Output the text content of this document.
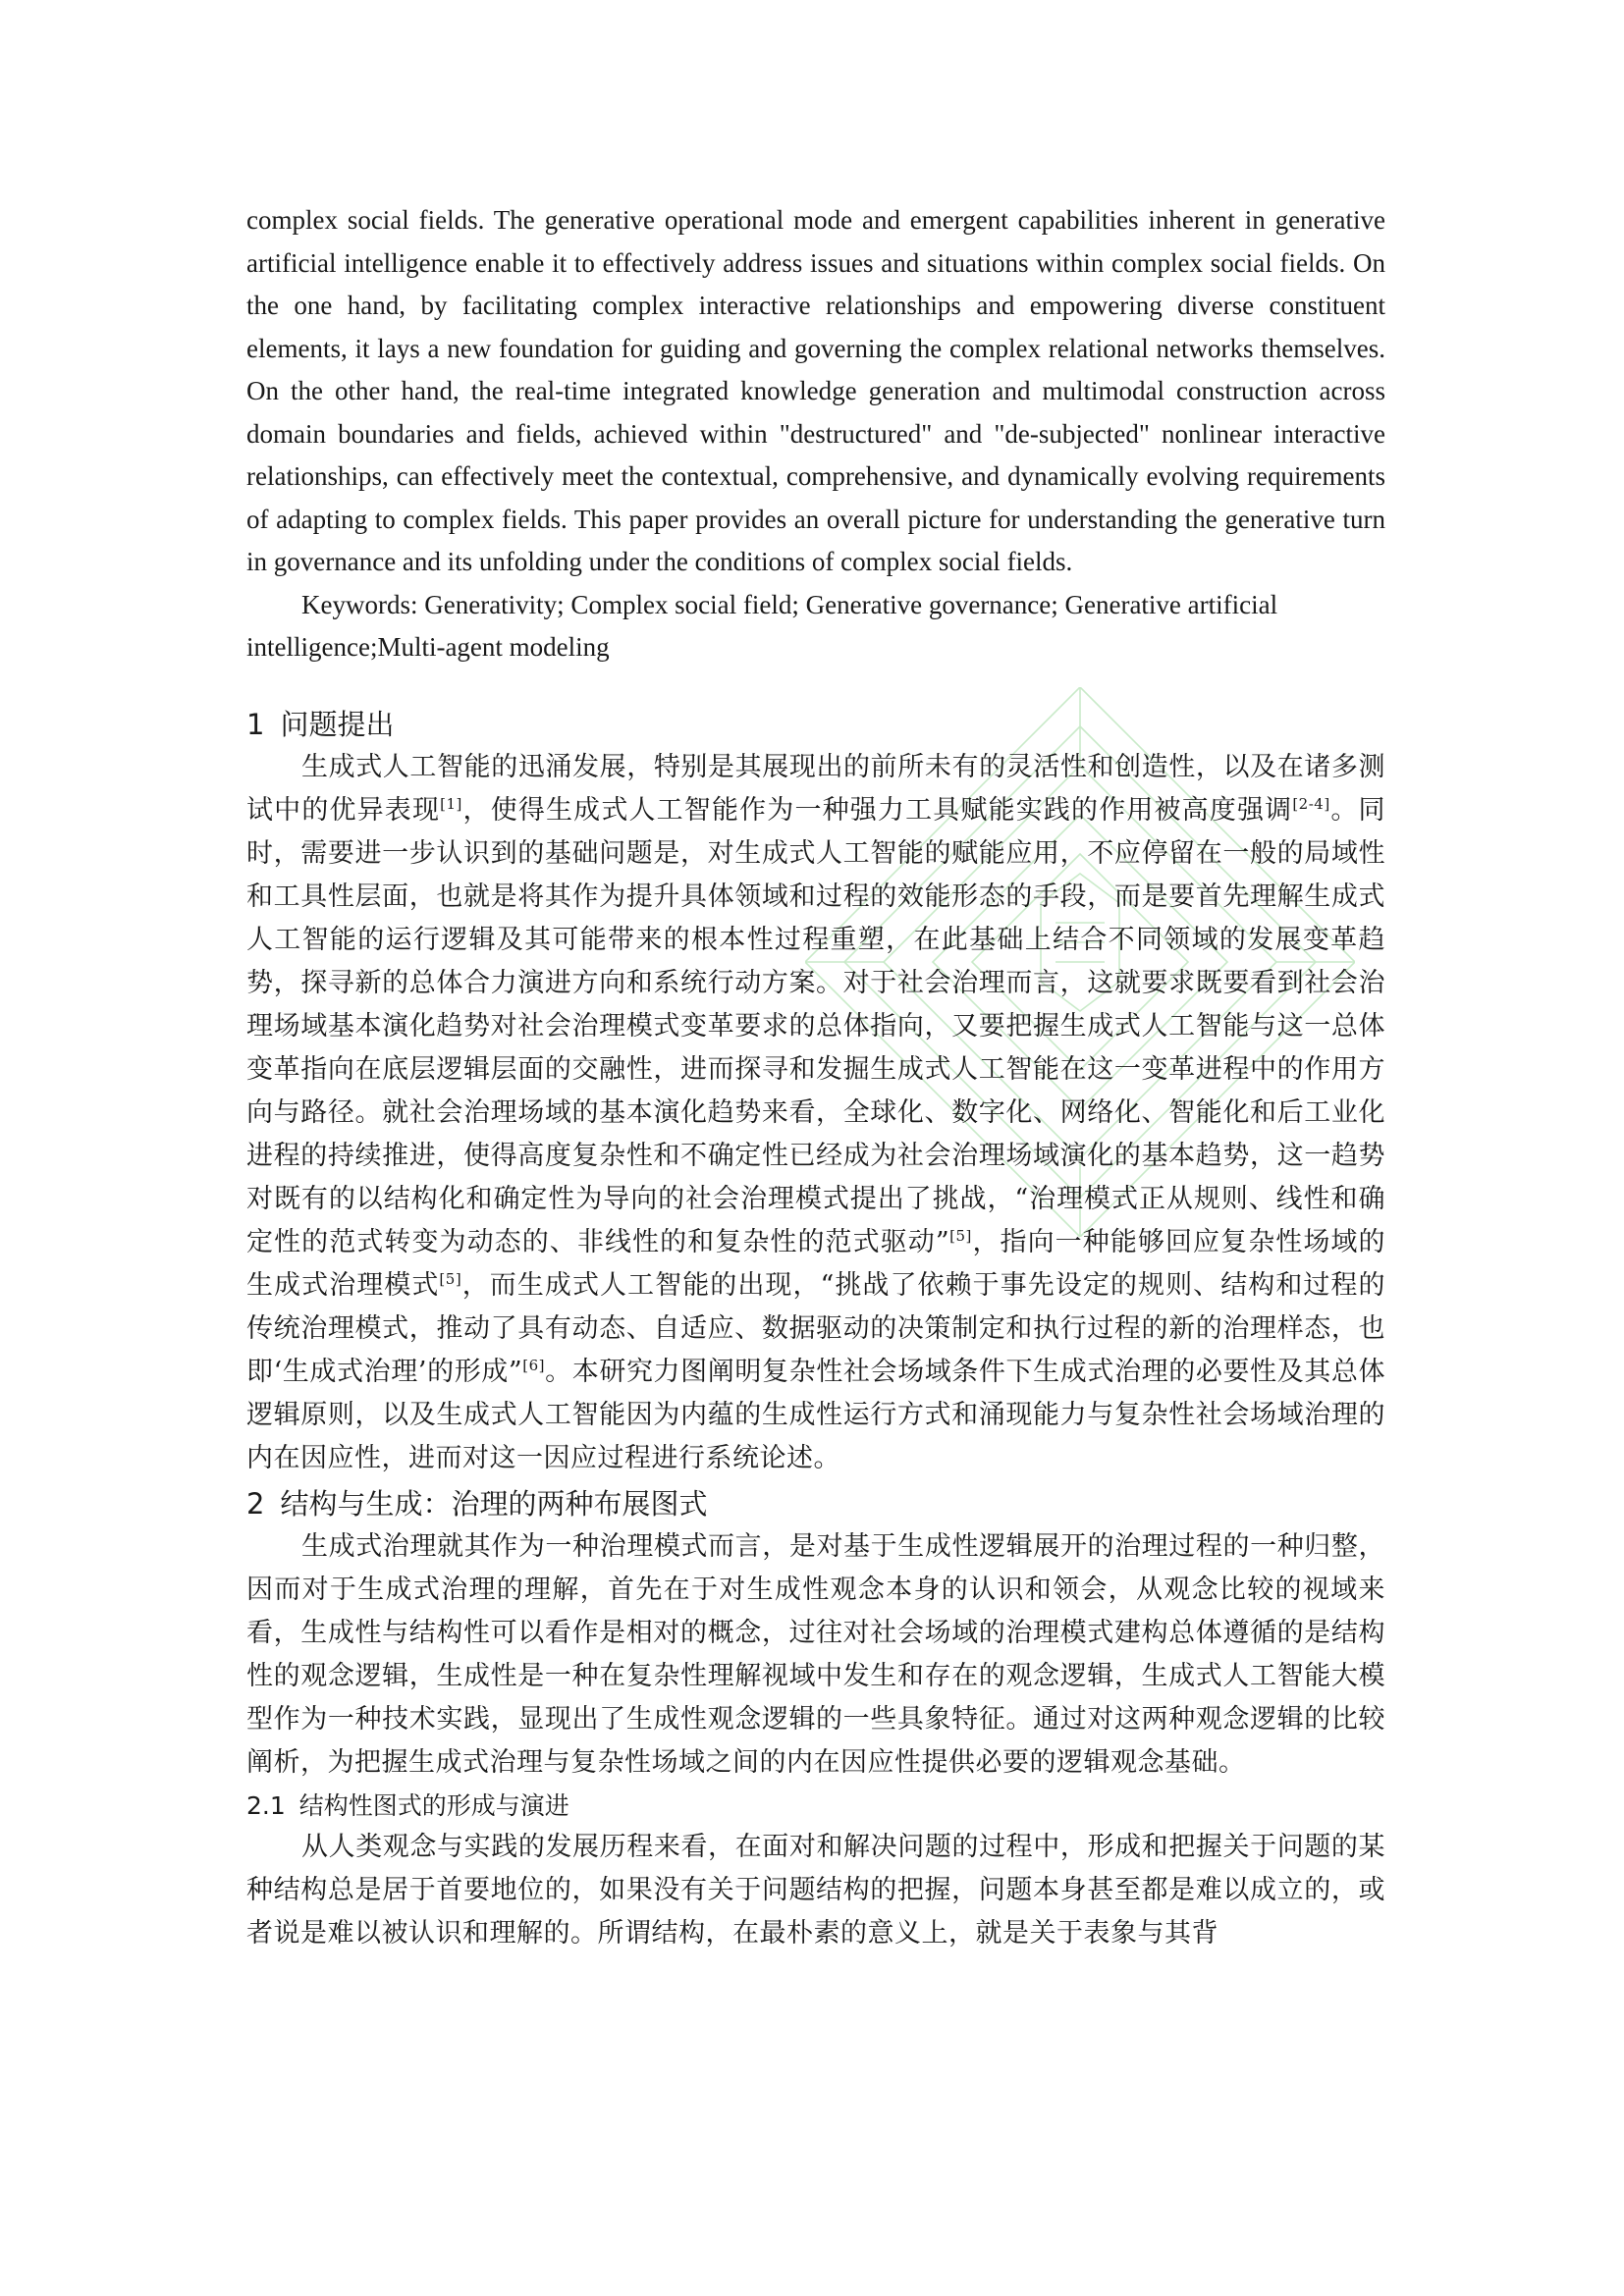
complex social fields. The generative operational mode and emergent capabilities inherent in generative artificial intelligence enable it to effectively address issues and situations within complex social fields. On the one hand, by facilitating complex interactive relationships and empowering diverse constituent elements, it lays a new foundation for guiding and governing the complex relational networks themselves. On the other hand, the real-time integrated knowledge generation and multimodal construction across domain boundaries and fields, achieved within "destructured" and "de-subjected" nonlinear interactive relationships, can effectively meet the contextual, comprehensive, and dynamically evolving requirements of adapting to complex fields. This paper provides an overall picture for understanding the generative turn in governance and its unfolding under the conditions of complex social fields.

Keywords: Generativity; Complex social field; Generative governance; Generative artificial intelligence;Multi-agent modeling

1 问题提出

生成式人工智能的迅涌发展，特别是其展现出的前所未有的灵活性和创造性，以及在诸多测试中的优异表现[1]，使得生成式人工智能作为一种强力工具赋能实践的作用被高度强调[2-4]。同时，需要进一步认识到的基础问题是，对生成式人工智能的赋能应用，不应停留在一般的局域性和工具性层面，也就是将其作为提升具体领域和过程的效能形态的手段，而是要首先理解生成式人工智能的运行逻辑及其可能带来的根本性过程重塑，在此基础上结合不同领域的发展变革趋势，探寻新的总体合力演进方向和系统行动方案。对于社会治理而言，这就要求既要看到社会治理场域基本演化趋势对社会治理模式变革要求的总体指向，又要把握生成式人工智能与这一总体变革指向在底层逻辑层面的交融性，进而探寻和发掘生成式人工智能在这一变革进程中的作用方向与路径。就社会治理场域的基本演化趋势来看，全球化、数字化、网络化、智能化和后工业化进程的持续推进，使得高度复杂性和不确定性已经成为社会治理场域演化的基本趋势，这一趋势对既有的以结构化和确定性为导向的社会治理模式提出了挑战，“治理模式正从规则、线性和确定性的范式转变为动态的、非线性的和复杂性的范式驱动”[5]，指向一种能够回应复杂性场域的生成式治理模式[5]，而生成式人工智能的出现，“挑战了依赖于事先设定的规则、结构和过程的传统治理模式，推动了具有动态、自适应、数据驱动的决策制定和执行过程的新的治理样态，也即‘生成式治理’的形成”[6]。本研究力图阐明复杂性社会场域条件下生成式治理的必要性及其总体逻辑原则，以及生成式人工智能因为内蕴的生成性运行方式和涌现能力与复杂性社会场域治理的内在因应性，进而对这一因应过程进行系统论述。

2 结构与生成：治理的两种布展图式

生成式治理就其作为一种治理模式而言，是对基于生成性逻辑展开的治理过程的一种归整，因而对于生成式治理的理解，首先在于对生成性观念本身的认识和领会，从观念比较的视域来看，生成性与结构性可以看作是相对的概念，过往对社会场域的治理模式建构总体遵循的是结构性的观念逻辑，生成性是一种在复杂性理解视域中发生和存在的观念逻辑，生成式人工智能大模型作为一种技术实践，显现出了生成性观念逻辑的一些具象特征。通过对这两种观念逻辑的比较阐析，为把握生成式治理与复杂性场域之间的内在因应性提供必要的逻辑观念基础。

2.1 结构性图式的形成与演进

从人类观念与实践的发展历程来看，在面对和解决问题的过程中，形成和把握关于问题的某种结构总是居于首要地位的，如果没有关于问题结构的把握，问题本身甚至都是难以成立的，或者说是难以被认识和理解的。所谓结构，在最朴素的意义上，就是关于表象与其背
